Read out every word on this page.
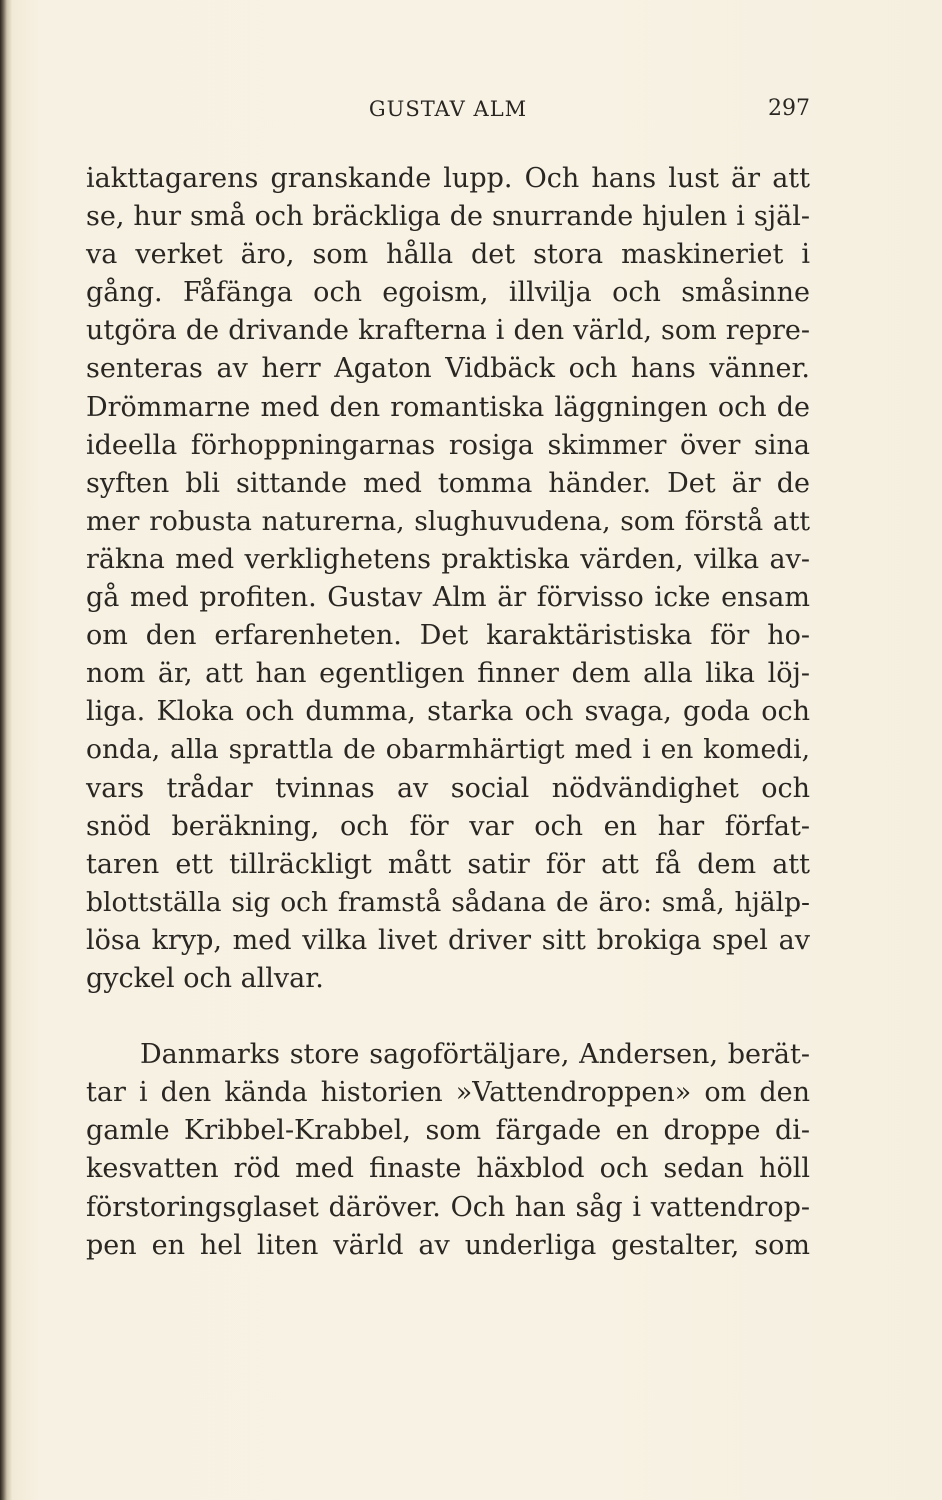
GUSTAV ALM	297
iakttagarens granskande lupp. Och hans lust är att
se, hur små och bräckliga de snurrande hjulen i själ-
va verket äro, som hålla det stora maskineriet i
gång. Fåfänga och egoism, illvilja och småsinne
utgöra de drivande krafterna i den värld, som repre-
senteras av herr Agaton Vidbäck och hans vänner.
Drömmarne med den romantiska läggningen och de
ideella förhoppningarnas rosiga skimmer över sina
syften bli sittande med tomma händer. Det är de
mer robusta naturerna, slughuvudena, som förstå att
räkna med verklighetens praktiska värden, vilka av-
gå med profiten. Gustav Alm är förvisso icke ensam
om den erfarenheten. Det karaktäristiska för ho-
nom är, att han egentligen finner dem alla lika löj-
liga. Kloka och dumma, starka och svaga, goda och
onda, alla sprattla de obarmhärtigt med i en komedi,
vars trådar tvinnas av social nödvändighet och
snöd beräkning, och för var och en har förfat-
taren ett tillräckligt mått satir för att få dem att
blottställa sig och framstå sådana de äro: små, hjälp-
lösa kryp, med vilka livet driver sitt brokiga spel av
gyckel och allvar.
Danmarks store sagoförtäljare, Andersen, berät-
tar i den kända historien »Vattendroppen» om den
gamle Kribbel-Krabbel, som färgade en droppe di-
kesvatten röd med finaste häxblod och sedan höll
förstoringsglaset däröver. Och han såg i vattendrop-
pen en hel liten värld av underliga gestalter, som
